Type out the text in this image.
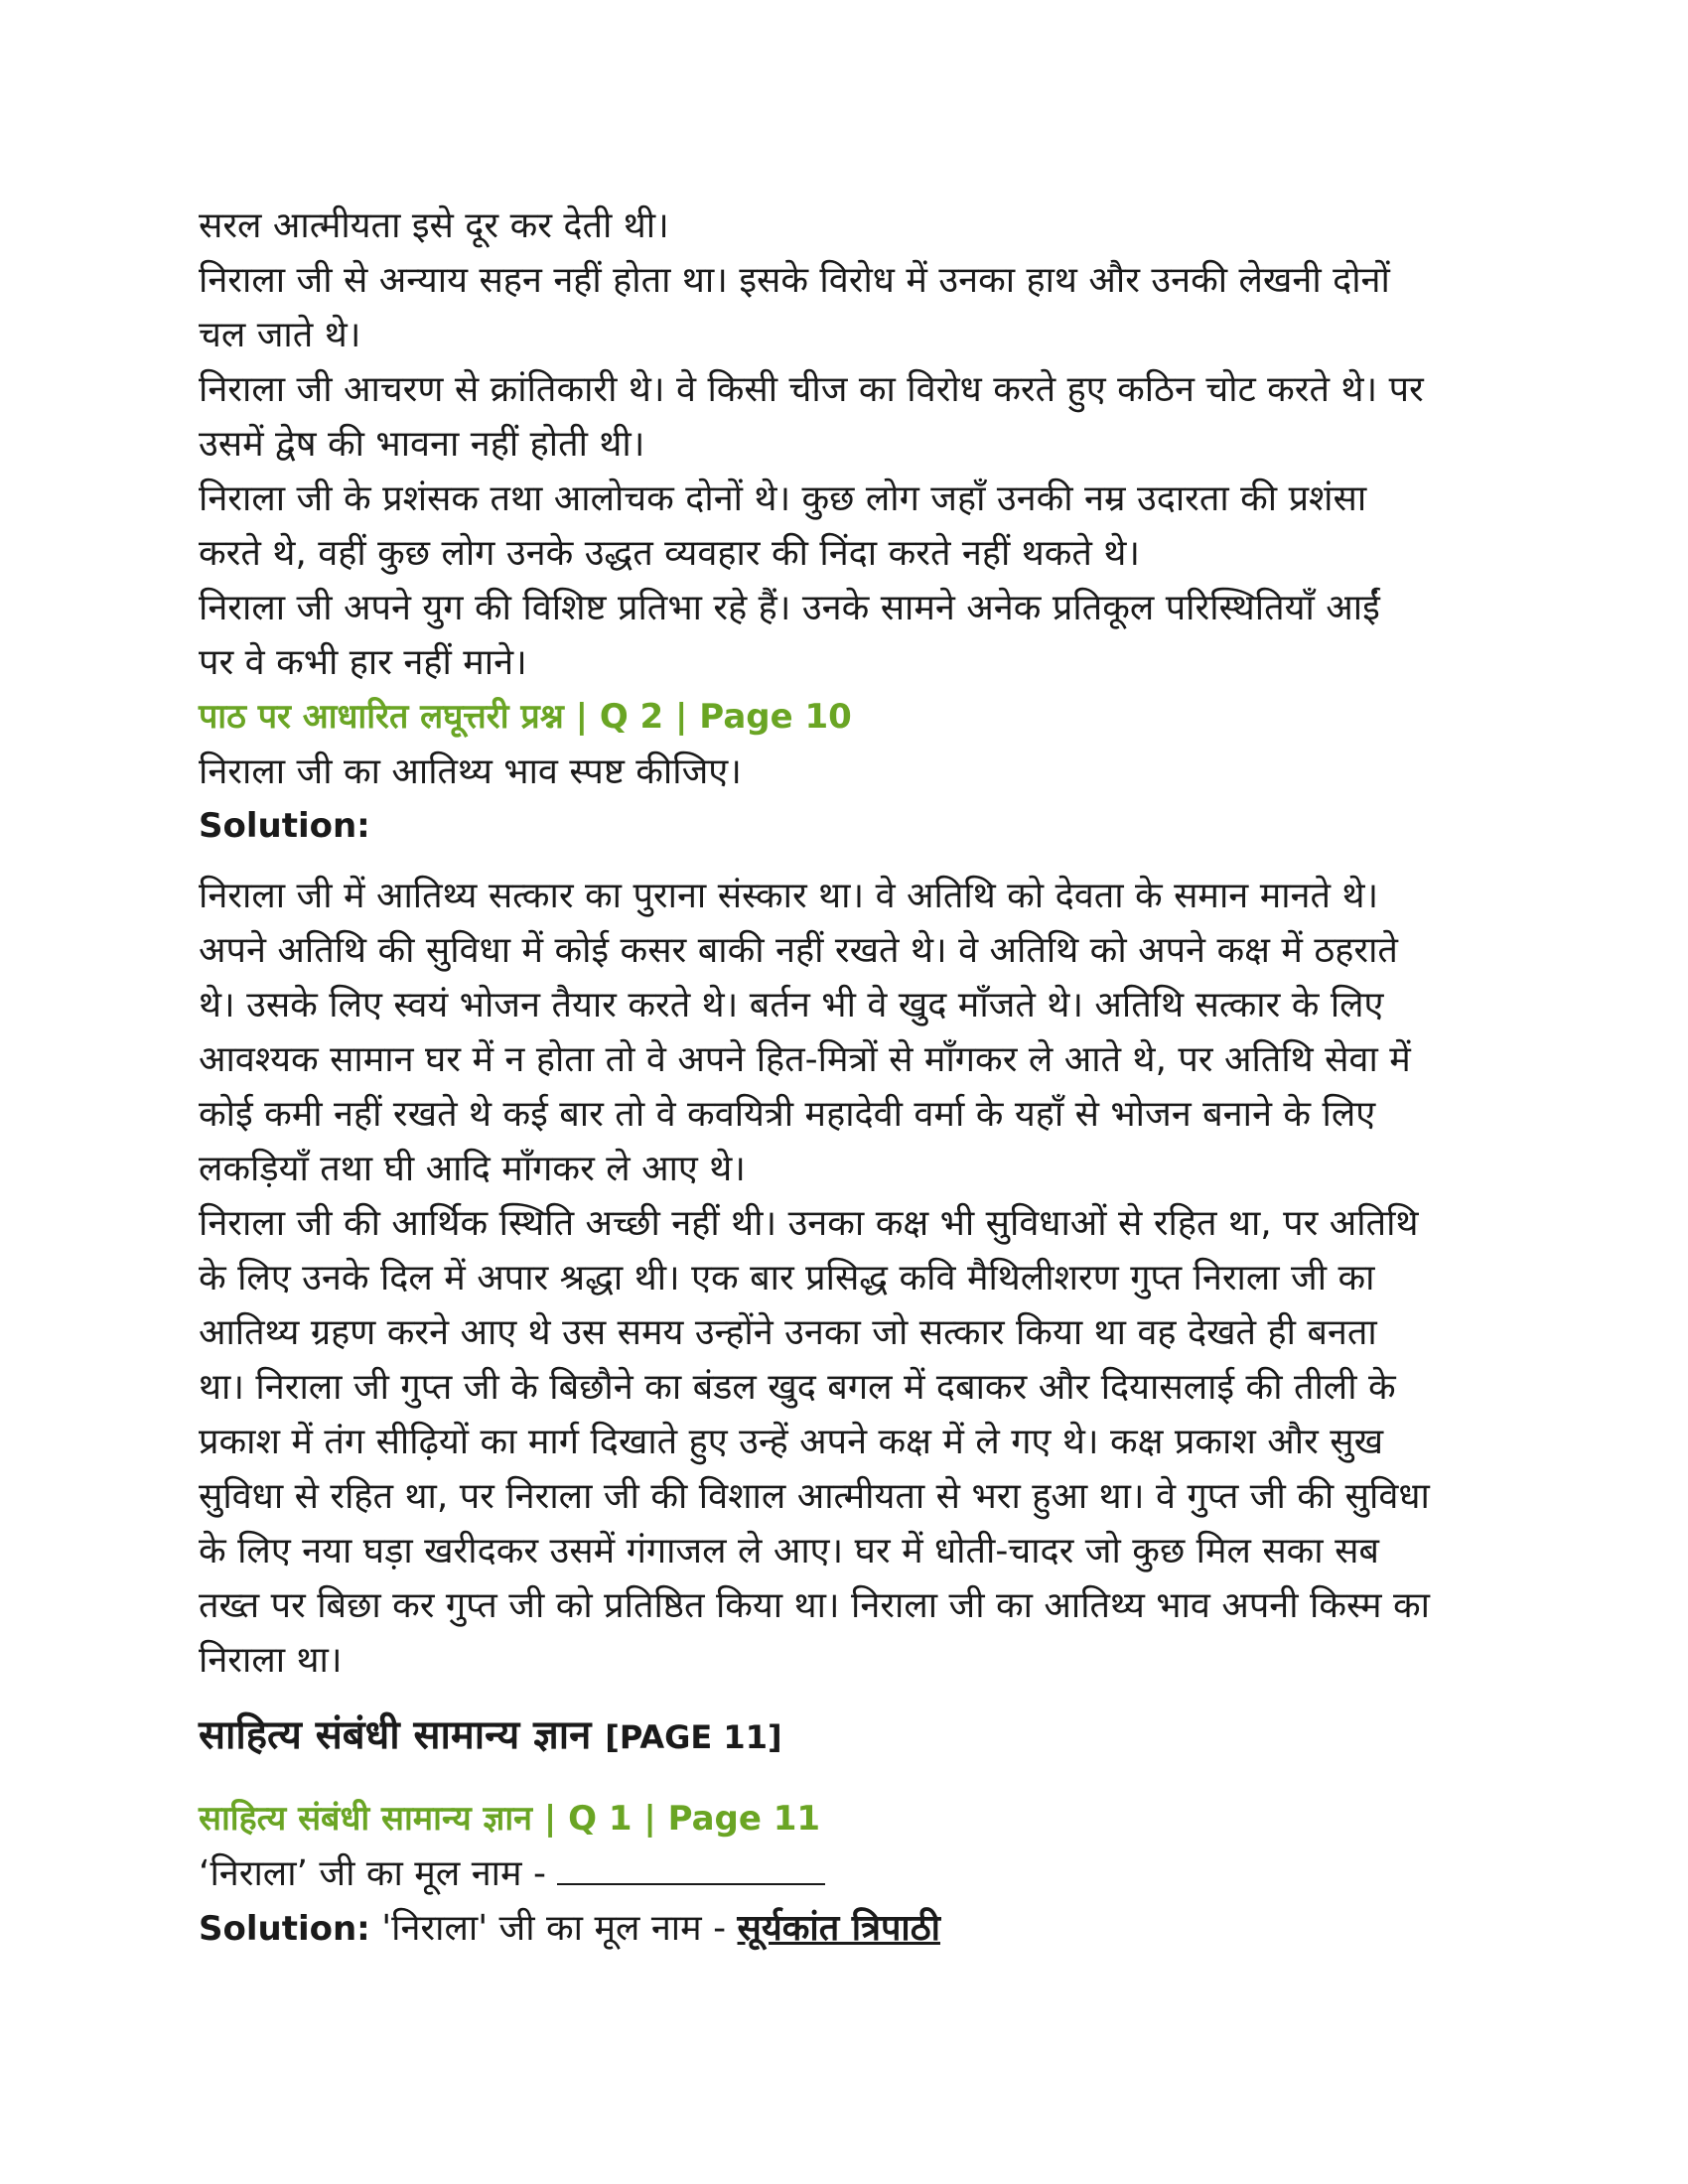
सरल आत्मीयता इसे दूर कर देती थी।

निराला जी से अन्याय सहन नहीं होता था। इसके विरोध में उनका हाथ और उनकी लेखनी दोनों

चल जाते थे।

निराला जी आचरण से क्रांतिकारी थे। वे किसी चीज का विरोध करते हुए कठिन चोट करते थे। पर

उसमें द्वेष की भावना नहीं होती थी।

निराला जी के प्रशंसक तथा आलोचक दोनों थे। कुछ लोग जहाँ उनकी नम्र उदारता की प्रशंसा

करते थे, वहीं कुछ लोग उनके उद्धत व्यवहार की निंदा करते नहीं थकते थे।

निराला जी अपने युग की विशिष्ट प्रतिभा रहे हैं। उनके सामने अनेक प्रतिकूल परिस्थितियाँ आईं

पर वे कभी हार नहीं माने।

पाठ पर आधारित लघूत्तरी प्रश्न | Q 2 | Page 10

निराला जी का आतिथ्य भाव स्पष्ट कीजिए।

Solution:

निराला जी में आतिथ्य सत्कार का पुराना संस्कार था। वे अतिथि को देवता के समान मानते थे।

अपने अतिथि की सुविधा में कोई कसर बाकी नहीं रखते थे। वे अतिथि को अपने कक्ष में ठहराते

थे। उसके लिए स्वयं भोजन तैयार करते थे। बर्तन भी वे खुद माँजते थे। अतिथि सत्कार के लिए

आवश्यक सामान घर में न होता तो वे अपने हित-मित्रों से माँगकर ले आते थे, पर अतिथि सेवा में

कोई कमी नहीं रखते थे कई बार तो वे कवयित्री महादेवी वर्मा के यहाँ से भोजन बनाने के लिए

लकड़ियाँ तथा घी आदि माँगकर ले आए थे।

निराला जी की आर्थिक स्थिति अच्छी नहीं थी। उनका कक्ष भी सुविधाओं से रहित था, पर अतिथि

के लिए उनके दिल में अपार श्रद्धा थी। एक बार प्रसिद्ध कवि मैथिलीशरण गुप्त निराला जी का

आतिथ्य ग्रहण करने आए थे उस समय उन्होंने उनका जो सत्कार किया था वह देखते ही बनता

था। निराला जी गुप्त जी के बिछौने का बंडल खुद बगल में दबाकर और दियासलाई की तीली के

प्रकाश में तंग सीढ़ियों का मार्ग दिखाते हुए उन्हें अपने कक्ष में ले गए थे। कक्ष प्रकाश और सुख

सुविधा से रहित था, पर निराला जी की विशाल आत्मीयता से भरा हुआ था। वे गुप्त जी की सुविधा

के लिए नया घड़ा खरीदकर उसमें गंगाजल ले आए। घर में धोती-चादर जो कुछ मिल सका सब

तख्त पर बिछा कर गुप्त जी को प्रतिष्ठित किया था। निराला जी का आतिथ्य भाव अपनी किस्म का

निराला था।

साहित्य संबंधी सामान्य ज्ञान [PAGE 11]

साहित्य संबंधी सामान्य ज्ञान | Q 1 | Page 11

‘निराला’ जी का मूल नाम -

Solution: 'निराला' जी का मूल नाम - सूर्यकांत त्रिपाठी
